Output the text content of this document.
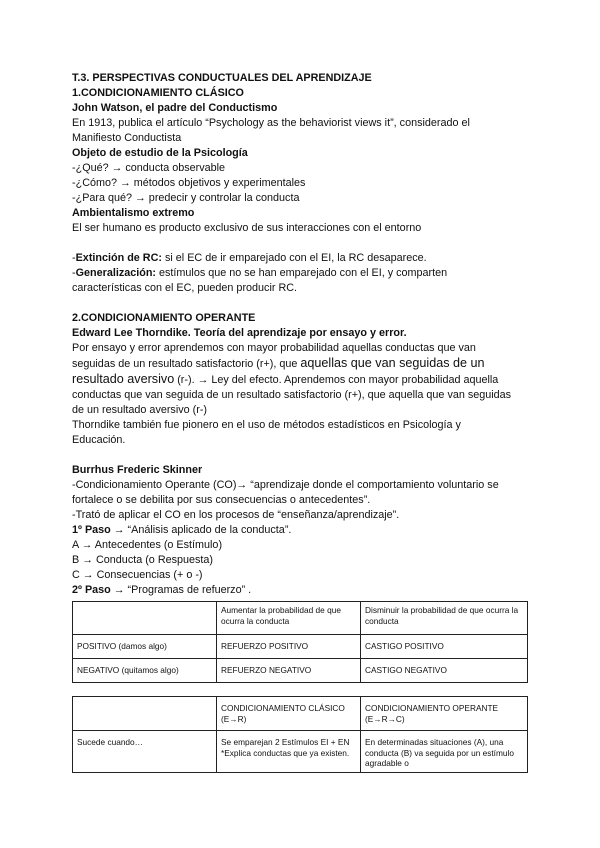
T.3. PERSPECTIVAS CONDUCTUALES DEL APRENDIZAJE
1.CONDICIONAMIENTO CLÁSICO
John Watson, el padre del Conductismo
En 1913, publica el artículo “Psychology as the behaviorist views it”, considerado el
Manifiesto Conductista
Objeto de estudio de la Psicología
-¿Qué? → conducta observable
-¿Cómo? → métodos objetivos y experimentales
-¿Para qué? → predecir y controlar la conducta
Ambientalismo extremo
El ser humano es producto exclusivo de sus interacciones con el entorno
-Extinción de RC: si el EC de ir emparejado con el EI, la RC desaparece.
-Generalización: estímulos que no se han emparejado con el EI, y comparten
características con el EC, pueden producir RC.
2.CONDICIONAMIENTO OPERANTE
Edward Lee Thorndike. Teoría del aprendizaje por ensayo y error.
Por ensayo y error aprendemos con mayor probabilidad aquellas conductas que van
seguidas de un resultado satisfactorio (r+), que aquellas que van seguidas de un
resultado aversivo (r-). → Ley del efecto. Aprendemos con mayor probabilidad aquella
conductas que van seguida de un resultado satisfactorio (r+), que aquella que van seguidas
de un resultado aversivo (r-)
Thorndike también fue pionero en el uso de métodos estadísticos en Psicología y
Educación.
Burrhus Frederic Skinner
-Condicionamiento Operante (CO)→ “aprendizaje donde el comportamiento voluntario se
fortalece o se debilita por sus consecuencias o antecedentes”.
-Trató de aplicar el CO en los procesos de “enseñanza/aprendizaje”.
1º Paso → “Análisis aplicado de la conducta”.
A → Antecedentes (o Estímulo)
B → Conducta (o Respuesta)
C → Consecuencias (+ o -)
2º Paso → “Programas de refuerzo” .
	Aumentar la probabilidad de que ocurra la conducta	Disminuir la probabilidad de que ocurra la conducta
POSITIVO (damos algo)	REFUERZO POSITIVO	CASTIGO POSITIVO
NEGATIVO (quitamos algo)	REFUERZO NEGATIVO	CASTIGO NEGATIVO
	CONDICIONAMIENTO CLÁSICO (E→R)	CONDICIONAMIENTO OPERANTE (E→R→C)
Sucede cuando…	Se emparejan 2 Estímulos EI + EN *Explica conductas que ya existen.	En determinadas situaciones (A), una conducta (B) va seguida por un estímulo agradable o
